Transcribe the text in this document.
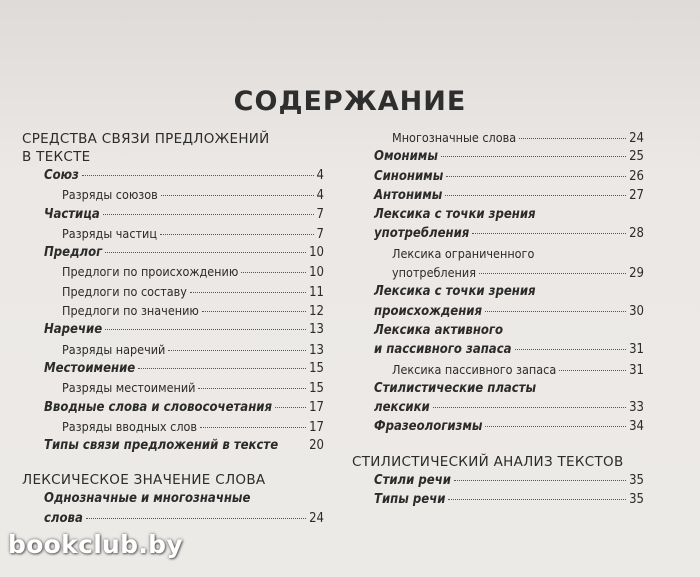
СОДЕРЖАНИЕ
СРЕДСТВА СВЯЗИ ПРЕДЛОЖЕНИЙ
В ТЕКСТЕ
Союз	4
Разряды союзов	4
Частица	7
Разряды частиц	7
Предлог	10
Предлоги по происхождению	10
Предлоги по составу	11
Предлоги по значению	12
Наречие	13
Разряды наречий	13
Местоимение	15
Разряды местоимений	15
Вводные слова и словосочетания	17
Разряды вводных слов	17
Типы связи предложений в тексте 20
ЛЕКСИЧЕСКОЕ ЗНАЧЕНИЕ СЛОВА
Однозначные и многозначные
слова	24
Многозначные слова	24
Омонимы	25
Синонимы	26
Антонимы	27
Лексика с точки зрения
употребления	28
Лексика ограниченного
употребления	29
Лексика с точки зрения
происхождения	30
Лексика активного
и пассивного запаса	31
Лексика пассивного запаса	31
Стилистические пласты
лексики	33
Фразеологизмы	34
СТИЛИСТИЧЕСКИЙ АНАЛИЗ ТЕКСТОВ
Стили речи	35
Типы речи	35
bookclub.by
